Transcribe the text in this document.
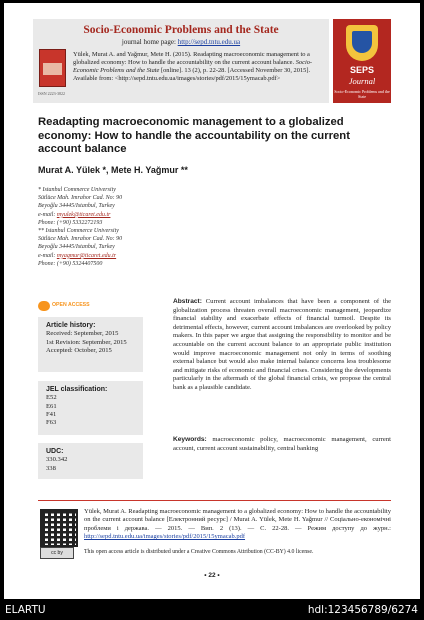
Socio-Economic Problems and the State
journal home page: http://sepd.tntu.edu.ua
ISSN 2223-3822
Yülek, Murat A. and Yağmur, Mete H. (2015). Readapting macroeconomic management to a globalized economy: How to handle the accountability on the current account balance. Socio-Economic Problems and the State [online]. 13 (2), p. 22-28. [Accessed November 30, 2015]. Available from: <http://sepd.tntu.edu.ua/images/stories/pdf/2015/15ymacab.pdf>
SEPS
Journal
Socio-Economic Problems and the State
Readapting macroeconomic management to a globalized economy: How to handle the accountability on the current account balance
Murat A. Yülek *, Mete H. Yağmur **
* Istanbul Commerce University
Sütlüce Mah. Imrahor Cad. No: 90
Beyoğlu 34445/Istanbul, Turkey
e-mail: myulek@ticaret.edu.tr
Phone: (+90) 5332272193
** Istanbul Commerce University
Sütlüce Mah. Imrahor Cad. No: 90
Beyoğlu 34445/Istanbul, Turkey
e-mail: myagmur@ticaret.edu.tr
Phone: (+90) 5324407500
OPEN ACCESS
Article history:
Received: September, 2015
1st Revision: September, 2015
Accepted: October, 2015
JEL classification:
E52
E61
F41
F63
UDC:
330.342
338
Abstract: Current account imbalances that have been a component of the globalization process threaten overall macroeconomic management, jeopardize financial stability and exacerbate effects of financial turmoil. Despite its detrimental effects, however, current account imbalances are overlooked by policy makers. In this paper we argue that assigning the responsibility to monitor and be accountable on the current account balance to an appropriate public institution would improve macroeconomic management not only in terms of soothing external balance but would also make internal balance concerns less troublesome and mitigate risks of economic and financial crises. Considering the developments particularly in the aftermath of the global financial crisis, we propose the central bank as a plausible candidate.
Keywords: macroeconomic policy, macroeconomic management, current account, current account sustainability, central banking
Yülek, Murat A. Readapting macroeconomic management to a globalized economy: How to handle the accountability on the current account balance [Електронний ресурс] / Murat A. Yülek, Mete H. Yağmur // Соціально-економічні проблеми і держава. — 2015. — Вип. 2 (13). — С. 22-28. — Режим доступу до журн.: http://sepd.tntu.edu.ua/images/stories/pdf/2015/15ymacab.pdf
cc by	This open access article is distributed under a Creative Commons Attribution (CC-BY) 4.0 license.
• 22 •
ELARTU	hdl:123456789/6274
